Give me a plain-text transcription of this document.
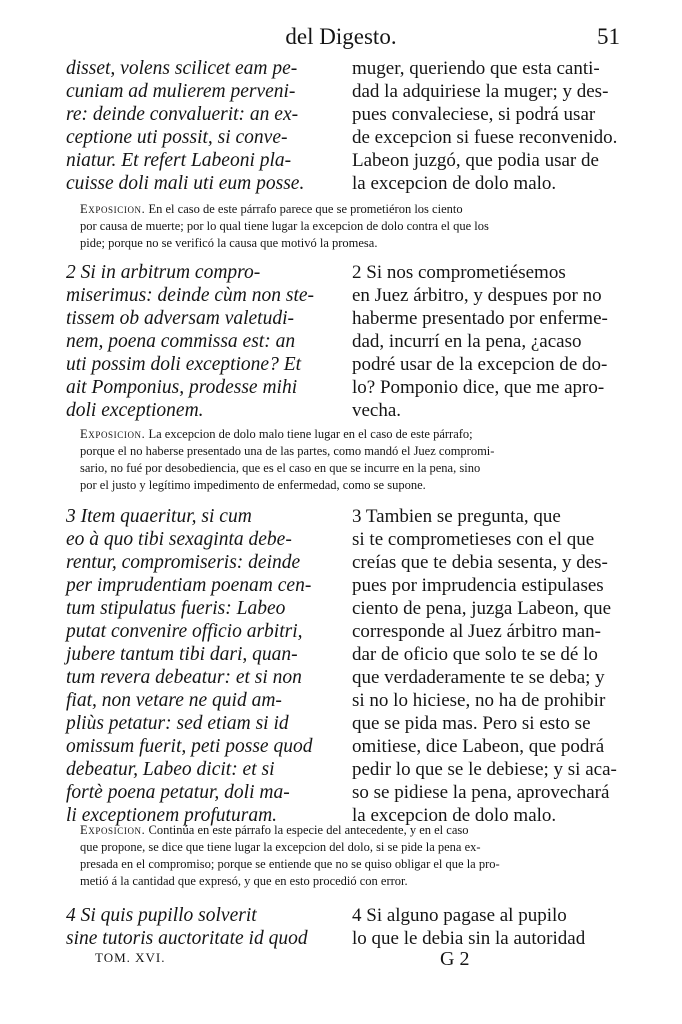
del Digesto.	51
disset, volens scilicet eam pe-
cuniam ad mulierem perveni-
re: deinde convaluerit: an ex-
ceptione uti possit, si conve-
niatur. Et refert Labeoni pla-
cuisse doli mali uti eum posse.
muger, queriendo que esta canti-
dad la adquiriese la muger; y des-
pues convaleciese, si podrá usar
de excepcion si fuese reconvenido.
Labeon juzgó, que podia usar de
la excepcion de dolo malo.
Exposicion. En el caso de este párrafo parece que se prometiéron los ciento
por causa de muerte; por lo qual tiene lugar la excepcion de dolo contra el que los
pide; porque no se verificó la causa que motivó la promesa.
2 Si in arbitrum compro-
miserimus: deinde cùm non ste-
tissem ob adversam valetudi-
nem, poena commissa est: an
uti possim doli exceptione? Et
ait Pomponius, prodesse mihi
doli exceptionem.
2 Si nos comprometiésemos
en Juez árbitro, y despues por no
haberme presentado por enferme-
dad, incurrí en la pena, ¿acaso
podré usar de la excepcion de do-
lo? Pomponio dice, que me apro-
vecha.
Exposicion. La excepcion de dolo malo tiene lugar en el caso de este párrafo;
porque el no haberse presentado una de las partes, como mandó el Juez compromi-
sario, no fué por desobediencia, que es el caso en que se incurre en la pena, sino
por el justo y legítimo impedimento de enfermedad, como se supone.
3 Item quaeritur, si cum
eo à quo tibi sexaginta debe-
rentur, compromiseris: deinde
per imprudentiam poenam cen-
tum stipulatus fueris: Labeo
putat convenire officio arbitri,
jubere tantum tibi dari, quan-
tum revera debeatur: et si non
fiat, non vetare ne quid am-
pliùs petatur: sed etiam si id
omissum fuerit, peti posse quod
debeatur, Labeo dicit: et si
fortè poena petatur, doli ma-
li exceptionem profuturam.
3 Tambien se pregunta, que
si te comprometieses con el que
creías que te debia sesenta, y des-
pues por imprudencia estipulases
ciento de pena, juzga Labeon, que
corresponde al Juez árbitro man-
dar de oficio que solo te se dé lo
que verdaderamente te se deba; y
si no lo hiciese, no ha de prohibir
que se pida mas. Pero si esto se
omitiese, dice Labeon, que podrá
pedir lo que se le debiese; y si aca-
so se pidiese la pena, aprovechará
la excepcion de dolo malo.
Exposicion. Continúa en este párrafo la especie del antecedente, y en el caso
que propone, se dice que tiene lugar la excepcion del dolo, si se pide la pena ex-
presada en el compromiso; porque se entiende que no se quiso obligar el que la pro-
metió á la cantidad que expresó, y que en esto procedió con error.
4 Si quis pupillo solverit
sine tutoris auctoritate id quod
4 Si alguno pagase al pupilo
lo que le debia sin la autoridad
TOM. XVI.	G 2
